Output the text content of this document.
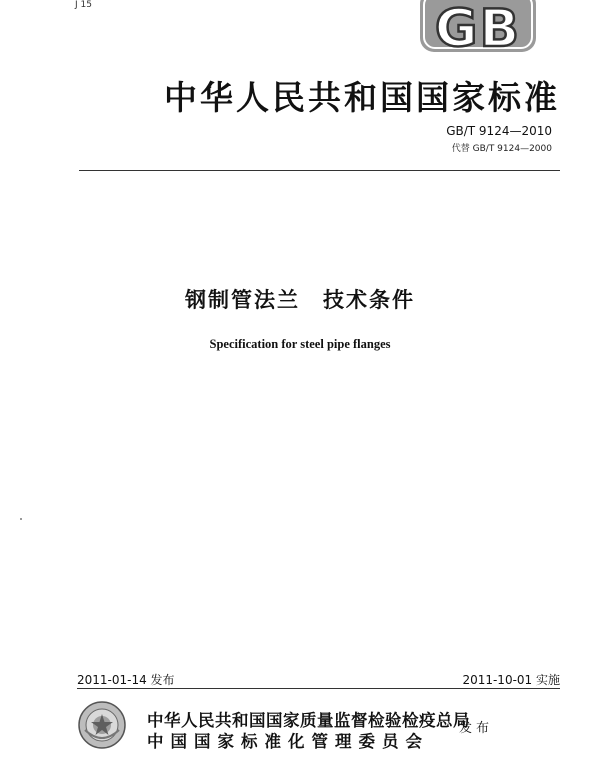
J 15	GB
中华人民共和国国家标准
GB/T 9124—2010
代替 GB/T 9124—2000
钢制管法兰　技术条件
Specification for steel pipe flanges
2011-01-14 发布	2011-10-01 实施
中华人民共和国国家质量监督检验检疫总局
中国国家标准化管理委员会
发布
